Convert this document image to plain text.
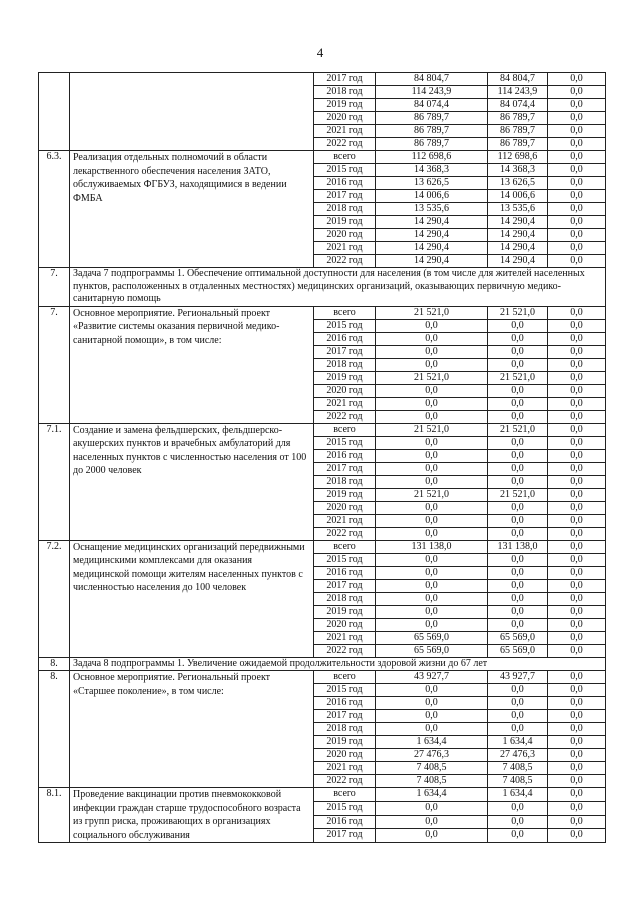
4
		2017 год	84 804,7	84 804,7	0,0
		2018 год	114 243,9	114 243,9	0,0
		2019 год	84 074,4	84 074,4	0,0
		2020 год	86 789,7	86 789,7	0,0
		2021 год	86 789,7	86 789,7	0,0
		2022 год	86 789,7	86 789,7	0,0
6.3.	Реализация отдельных полномочий в области лекарственного обеспечения населения ЗАТО, обслуживаемых ФГБУЗ, находящимися в ведении ФМБА	всего	112 698,6	112 698,6	0,0
		2015 год	14 368,3	14 368,3	0,0
		2016 год	13 626,5	13 626,5	0,0
		2017 год	14 006,6	14 006,6	0,0
		2018 год	13 535,6	13 535,6	0,0
		2019 год	14 290,4	14 290,4	0,0
		2020 год	14 290,4	14 290,4	0,0
		2021 год	14 290,4	14 290,4	0,0
		2022 год	14 290,4	14 290,4	0,0
7.	Задача 7 подпрограммы 1. Обеспечение оптимальной доступности для населения (в том числе для жителей населенных пунктов, расположенных в отдаленных местностях) медицинских организаций, оказывающих первичную медико-санитарную помощь				
7.	Основное мероприятие. Региональный проект «Развитие системы оказания первичной медико-санитарной помощи», в том числе:	всего	21 521,0	21 521,0	0,0
		2015 год	0,0	0,0	0,0
		2016 год	0,0	0,0	0,0
		2017 год	0,0	0,0	0,0
		2018 год	0,0	0,0	0,0
		2019 год	21 521,0	21 521,0	0,0
		2020 год	0,0	0,0	0,0
		2021 год	0,0	0,0	0,0
		2022 год	0,0	0,0	0,0
7.1.	Создание и замена фельдшерских, фельдшерско-акушерских пунктов и врачебных амбулаторий для населенных пунктов с численностью населения от 100 до 2000 человек	всего	21 521,0	21 521,0	0,0
		2015 год	0,0	0,0	0,0
		2016 год	0,0	0,0	0,0
		2017 год	0,0	0,0	0,0
		2018 год	0,0	0,0	0,0
		2019 год	21 521,0	21 521,0	0,0
		2020 год	0,0	0,0	0,0
		2021 год	0,0	0,0	0,0
		2022 год	0,0	0,0	0,0
7.2.	Оснащение медицинских организаций передвижными медицинскими комплексами для оказания медицинской помощи жителям населенных пунктов с численностью населения до 100 человек	всего	131 138,0	131 138,0	0,0
		2015 год	0,0	0,0	0,0
		2016 год	0,0	0,0	0,0
		2017 год	0,0	0,0	0,0
		2018 год	0,0	0,0	0,0
		2019 год	0,0	0,0	0,0
		2020 год	0,0	0,0	0,0
		2021 год	65 569,0	65 569,0	0,0
		2022 год	65 569,0	65 569,0	0,0
8.	Задача 8 подпрограммы 1. Увеличение ожидаемой продолжительности здоровой жизни до 67 лет				
8.	Основное мероприятие. Региональный проект «Старшее поколение», в том числе:	всего	43 927,7	43 927,7	0,0
		2015 год	0,0	0,0	0,0
		2016 год	0,0	0,0	0,0
		2017 год	0,0	0,0	0,0
		2018 год	0,0	0,0	0,0
		2019 год	1 634,4	1 634,4	0,0
		2020 год	27 476,3	27 476,3	0,0
		2021 год	7 408,5	7 408,5	0,0
		2022 год	7 408,5	7 408,5	0,0
8.1.	Проведение вакцинации против пневмококковой инфекции граждан старше трудоспособного возраста из групп риска, проживающих в организациях социального обслуживания	всего	1 634,4	1 634,4	0,0
		2015 год	0,0	0,0	0,0
		2016 год	0,0	0,0	0,0
		2017 год	0,0	0,0	0,0
